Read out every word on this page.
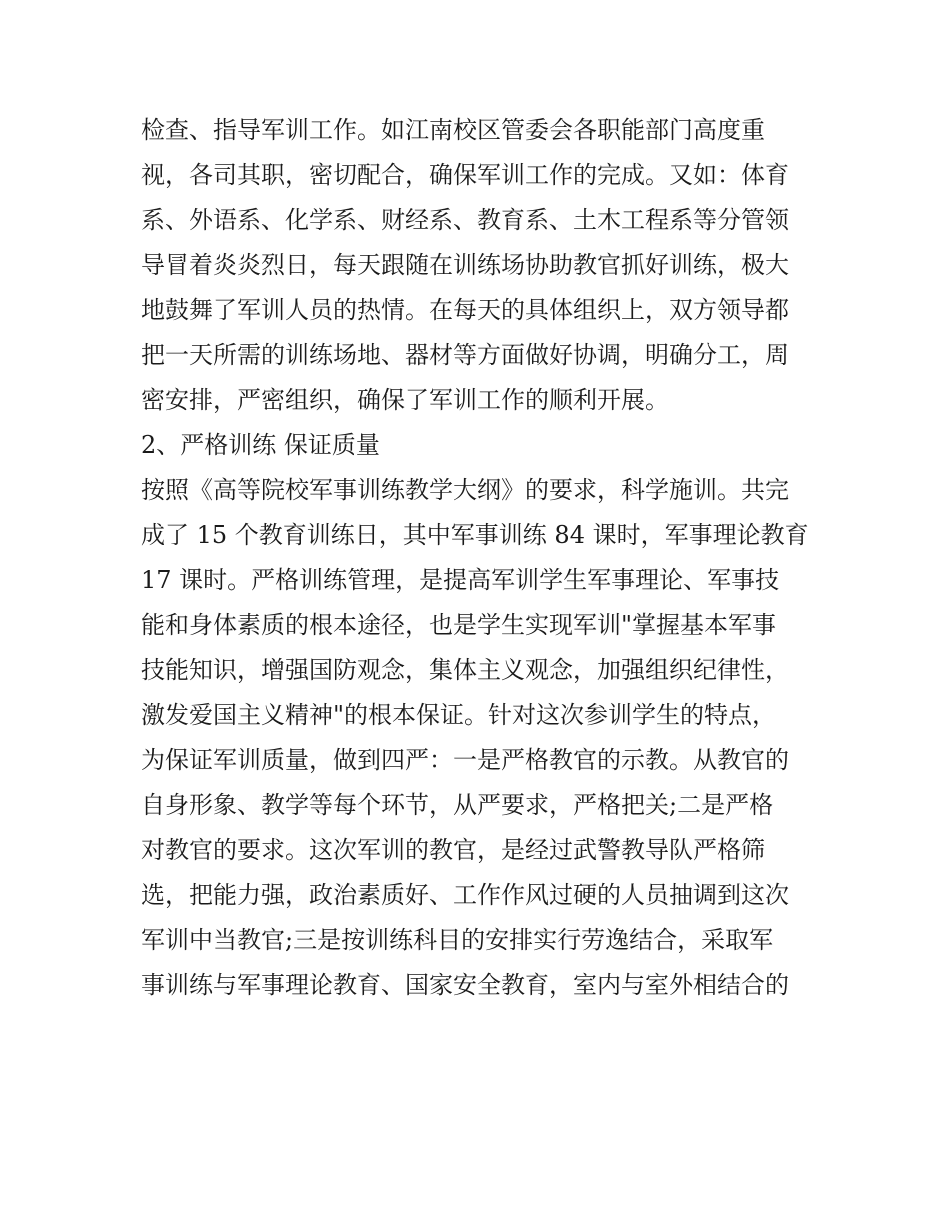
检查、指导军训工作。如江南校区管委会各职能部门高度重
视，各司其职，密切配合，确保军训工作的完成。又如：体育
系、外语系、化学系、财经系、教育系、土木工程系等分管领
导冒着炎炎烈日，每天跟随在训练场协助教官抓好训练，极大
地鼓舞了军训人员的热情。在每天的具体组织上，双方领导都
把一天所需的训练场地、器材等方面做好协调，明确分工，周
密安排，严密组织，确保了军训工作的顺利开展。
2、严格训练 保证质量
按照《高等院校军事训练教学大纲》的要求，科学施训。共完
成了 15 个教育训练日，其中军事训练 84 课时，军事理论教育
17 课时。严格训练管理，是提高军训学生军事理论、军事技
能和身体素质的根本途径，也是学生实现军训"掌握基本军事
技能知识，增强国防观念，集体主义观念，加强组织纪律性，
激发爱国主义精神"的根本保证。针对这次参训学生的特点，
为保证军训质量，做到四严：一是严格教官的示教。从教官的
自身形象、教学等每个环节，从严要求，严格把关;二是严格
对教官的要求。这次军训的教官，是经过武警教导队严格筛
选，把能力强，政治素质好、工作作风过硬的人员抽调到这次
军训中当教官;三是按训练科目的安排实行劳逸结合，采取军
事训练与军事理论教育、国家安全教育，室内与室外相结合的
